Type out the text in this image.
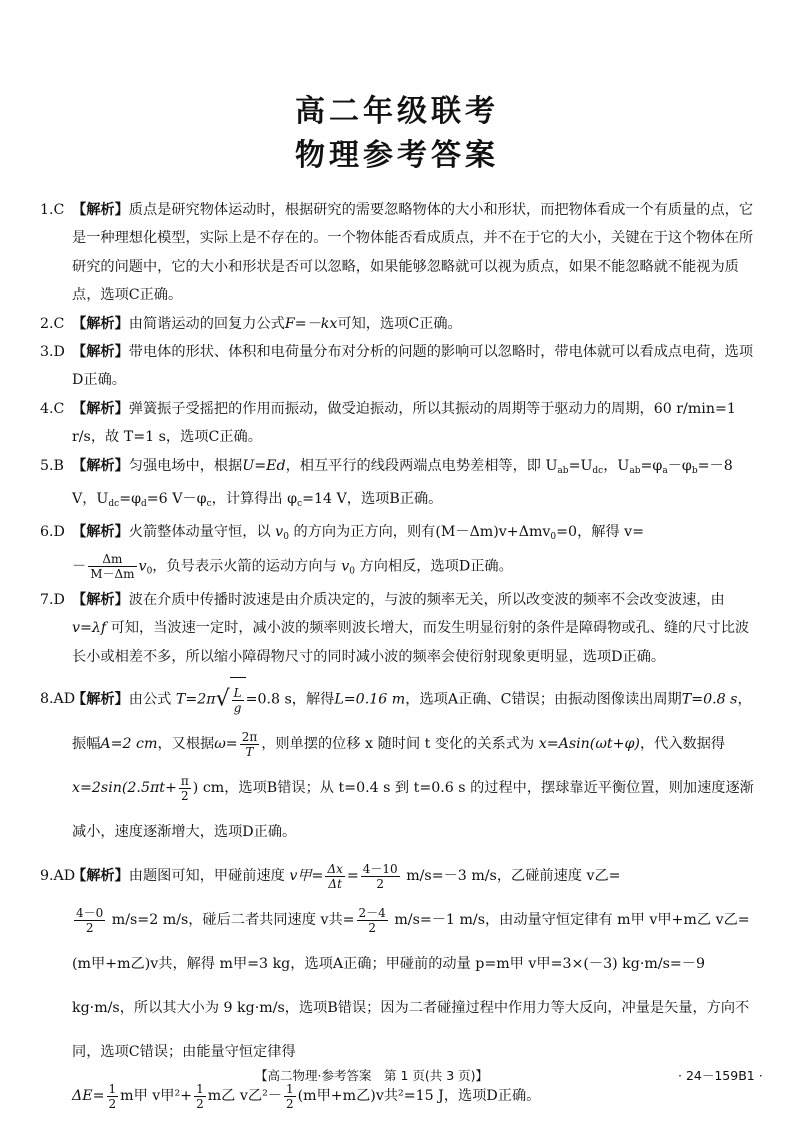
高二年级联考
物理参考答案

1.C 【解析】质点是研究物体运动时，根据研究的需要忽略物体的大小和形状，而把物体看成一个有质量的点，它是一种理想化模型，实际上是不存在的。一个物体能否看成质点，并不在于它的大小，关键在于这个物体在所研究的问题中，它的大小和形状是否可以忽略，如果能够忽略就可以视为质点，如果不能忽略就不能视为质点，选项C正确。

2.C 【解析】由简谐运动的回复力公式F=－kx可知，选项C正确。

3.D 【解析】带电体的形状、体积和电荷量分布对分析的问题的影响可以忽略时，带电体就可以看成点电荷，选项D正确。

4.C 【解析】弹簧振子受摇把的作用而振动，做受迫振动，所以其振动的周期等于驱动力的周期，60 r/min=1 r/s，故 T=1 s，选项C正确。

5.B 【解析】匀强电场中，根据U=Ed，相互平行的线段两端点电势差相等，即 $U_{ab}=U_{dc}$，$U_{ab}=\varphi_a-\varphi_b=-8$ V，$U_{dc}=\varphi_d=6$ $V-\varphi_c$，计算得出 $\varphi_c=14$ V，选项B正确。

6.D 【解析】火箭整体动量守恒，以 $v_0$ 的方向为正方向，则有(M－Δm)v+Δmv$_0$=0，解得 v=
－ $\frac{\Delta m}{M-\Delta m} v_0$，负号表示火箭的运动方向与 $v_0$ 方向相反，选项D正确。

7.D 【解析】波在介质中传播时波速是由介质决定的，与波的频率无关，所以改变波的频率不会改变波速，由 v=λf 可知，当波速一定时，减小波的频率则波长增大，而发生明显衍射的条件是障碍物或孔、缝的尺寸比波长小或相差不多，所以缩小障碍物尺寸的同时减小波的频率会使衍射现象更明显，选项D正确。

8.AD
【解析】由公式 $T=2\pi√ \frac{L}{g} =0.8$ s，解得L=0.16 m，选项A正确、C错误；由振动图像读出周期T=0.8 s，振幅A=2 cm，又根据$\omega= \frac{2\pi}{T}$ ，则单摆的位移 x 随时间 t 变化的关系式为 x=Asin(ωt+φ)，代入数据得 $x=2\sin(2.5\pi t+ \frac{\pi}{2}$ ) cm，选项B错误；从 t=0.4 s 到 t=0.6 s 的过程中，摆球靠近平衡位置，则加速度逐渐减小，速度逐渐增大，选项D正确。

9.AD
【解析】由题图可知，甲碰前速度 v甲= $\frac{\Delta x}{\Delta t} = \frac{4-10}{2} m/s=-3$ m/s，乙碰前速度 v乙=

$\frac{4-0}{2} m/s=2$ m/s，碰后二者共同速度 v共= $\frac{2-4}{2} m/s=-1$ m/s，由动量守恒定律有 m甲 v甲+m乙 v乙=(m甲+m乙)v共，解得 m甲=3 kg，选项A正确；甲碰前的动量 p=m甲 v甲=3×(－3) kg·m/s=－9 kg·m/s，所以其大小为 9 kg·m/s，选项B错误；因为二者碰撞过程中作用力等大反向，冲量是矢量，方向不同，选项C错误；由能量守恒定律得
$\Delta E= \frac{1}{2}$ m甲 v甲$^2+ \frac{1}{2}$ m乙 v乙$^2- \frac{1}{2} (m$甲+m乙)v共²=15 J，选项D正确。

【高二物理·参考答案　第 1 页(共 3 页)】	· 24－159B1 ·
